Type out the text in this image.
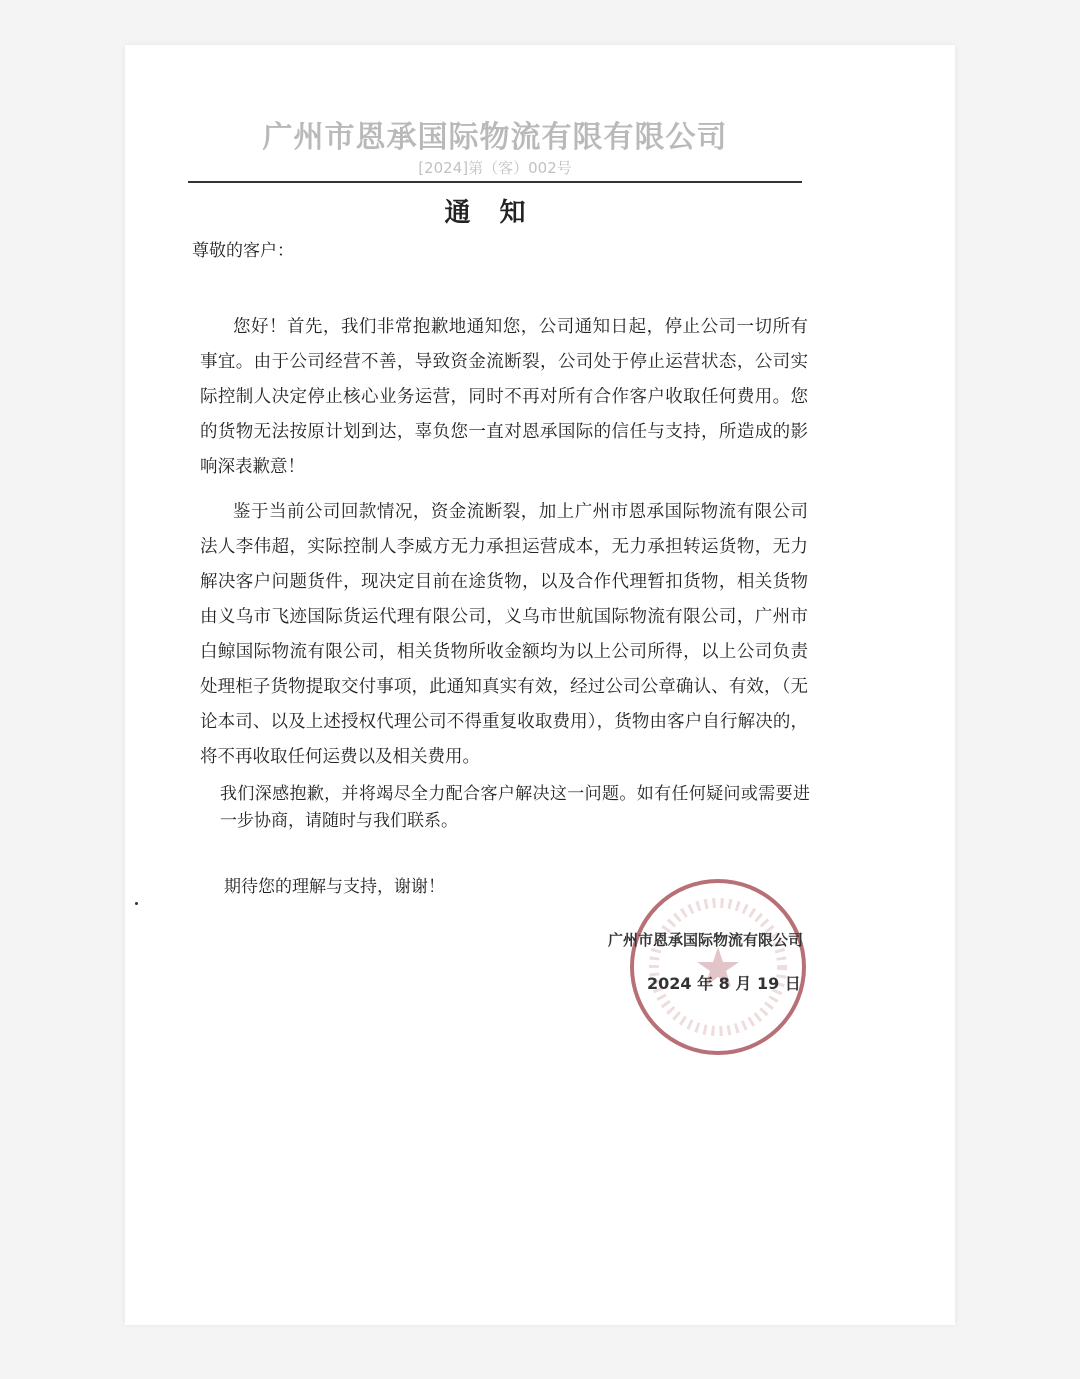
广州市恩承国际物流有限有限公司
[2024]第（客）002号
通 知
尊敬的客户：
您好！首先，我们非常抱歉地通知您，公司通知日起，停止公司一切所有事宜。由于公司经营不善，导致资金流断裂，公司处于停止运营状态，公司实际控制人决定停止核心业务运营，同时不再对所有合作客户收取任何费用。您的货物无法按原计划到达，辜负您一直对恩承国际的信任与支持，所造成的影响深表歉意！
鉴于当前公司回款情况，资金流断裂，加上广州市恩承国际物流有限公司法人李伟超，实际控制人李威方无力承担运营成本，无力承担转运货物，无力解决客户问题货件，现决定目前在途货物，以及合作代理暂扣货物，相关货物由义乌市飞迹国际货运代理有限公司，义乌市世航国际物流有限公司，广州市白鲸国际物流有限公司，相关货物所收金额均为以上公司所得，以上公司负责处理柜子货物提取交付事项，此通知真实有效，经过公司公章确认、有效，（无论本司、以及上述授权代理公司不得重复收取费用），货物由客户自行解决的，将不再收取任何运费以及相关费用。
我们深感抱歉，并将竭尽全力配合客户解决这一问题。如有任何疑问或需要进一步协商，请随时与我们联系。
期待您的理解与支持，谢谢！
广州市恩承国际物流有限公司
2024 年 8 月 19 日
